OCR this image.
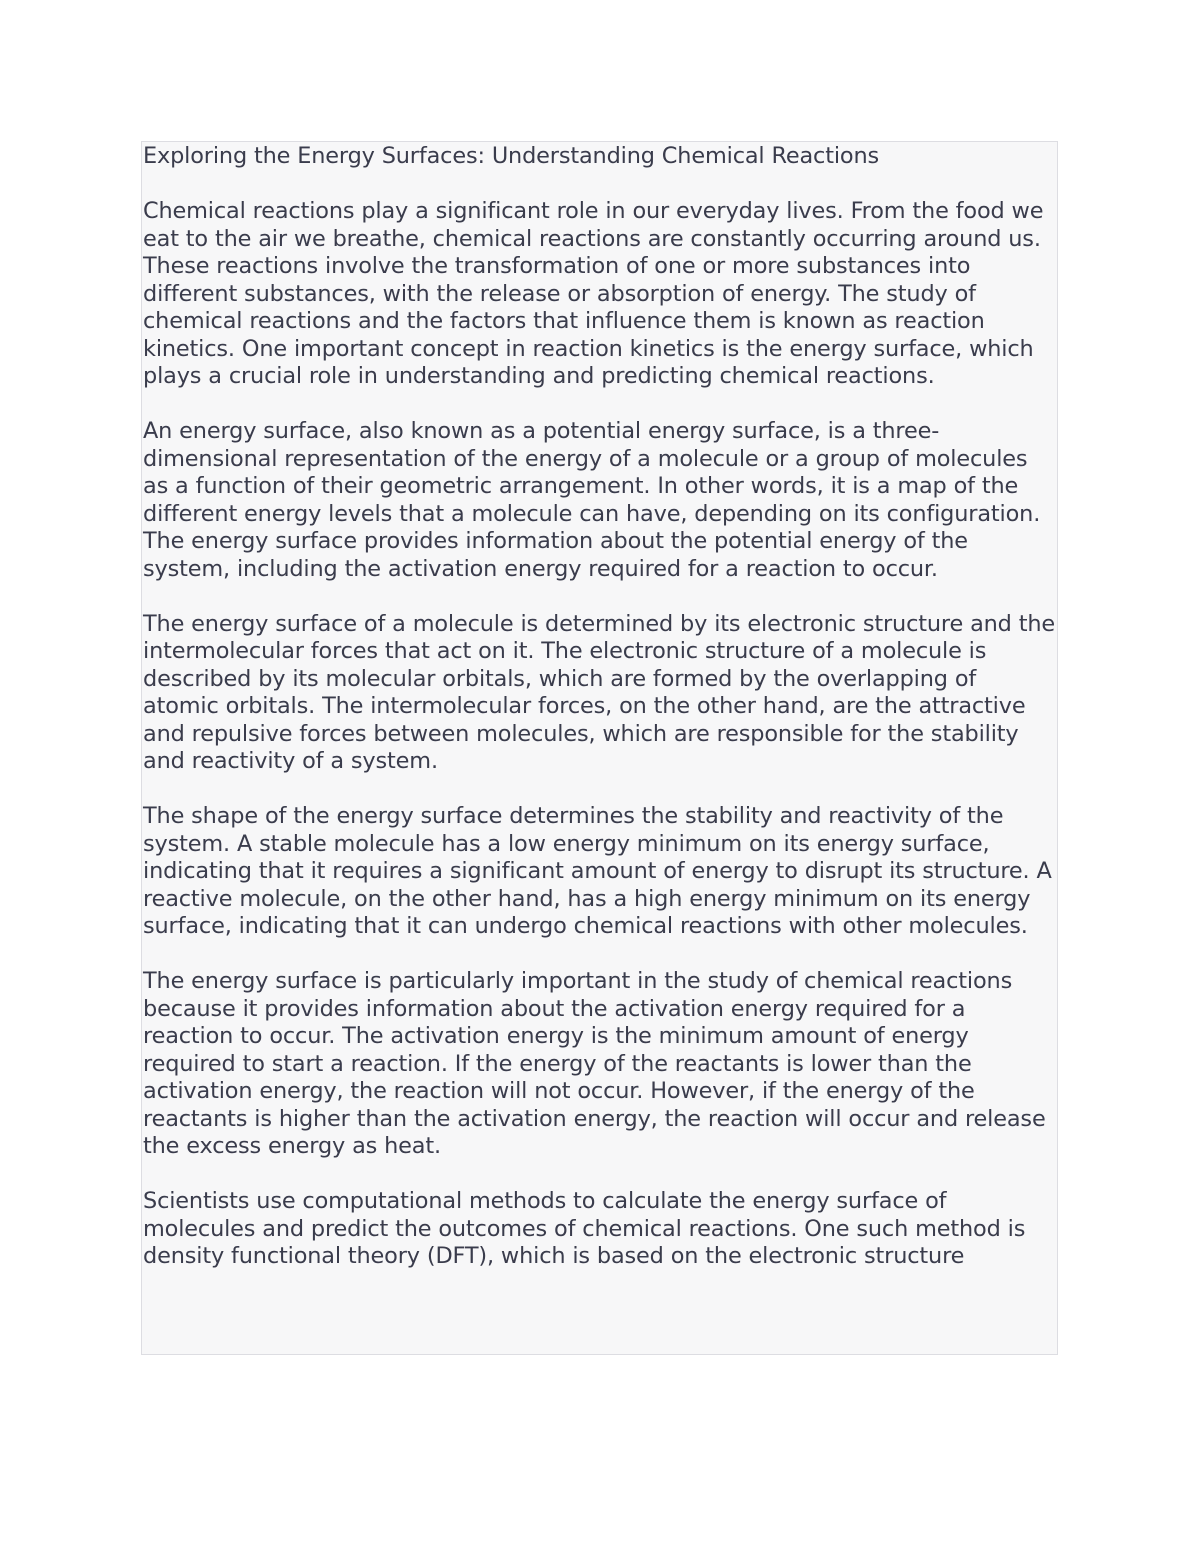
Exploring the Energy Surfaces: Understanding Chemical Reactions

Chemical reactions play a significant role in our everyday lives. From the food we eat to the air we breathe, chemical reactions are constantly occurring around us. These reactions involve the transformation of one or more substances into different substances, with the release or absorption of energy. The study of chemical reactions and the factors that influence them is known as reaction kinetics. One important concept in reaction kinetics is the energy surface, which plays a crucial role in understanding and predicting chemical reactions.

An energy surface, also known as a potential energy surface, is a three-dimensional representation of the energy of a molecule or a group of molecules as a function of their geometric arrangement. In other words, it is a map of the different energy levels that a molecule can have, depending on its configuration. The energy surface provides information about the potential energy of the system, including the activation energy required for a reaction to occur.

The energy surface of a molecule is determined by its electronic structure and the intermolecular forces that act on it. The electronic structure of a molecule is described by its molecular orbitals, which are formed by the overlapping of atomic orbitals. The intermolecular forces, on the other hand, are the attractive and repulsive forces between molecules, which are responsible for the stability and reactivity of a system.

The shape of the energy surface determines the stability and reactivity of the system. A stable molecule has a low energy minimum on its energy surface, indicating that it requires a significant amount of energy to disrupt its structure. A reactive molecule, on the other hand, has a high energy minimum on its energy surface, indicating that it can undergo chemical reactions with other molecules.

The energy surface is particularly important in the study of chemical reactions because it provides information about the activation energy required for a reaction to occur. The activation energy is the minimum amount of energy required to start a reaction. If the energy of the reactants is lower than the activation energy, the reaction will not occur. However, if the energy of the reactants is higher than the activation energy, the reaction will occur and release the excess energy as heat.

Scientists use computational methods to calculate the energy surface of molecules and predict the outcomes of chemical reactions. One such method is density functional theory (DFT), which is based on the electronic structure
